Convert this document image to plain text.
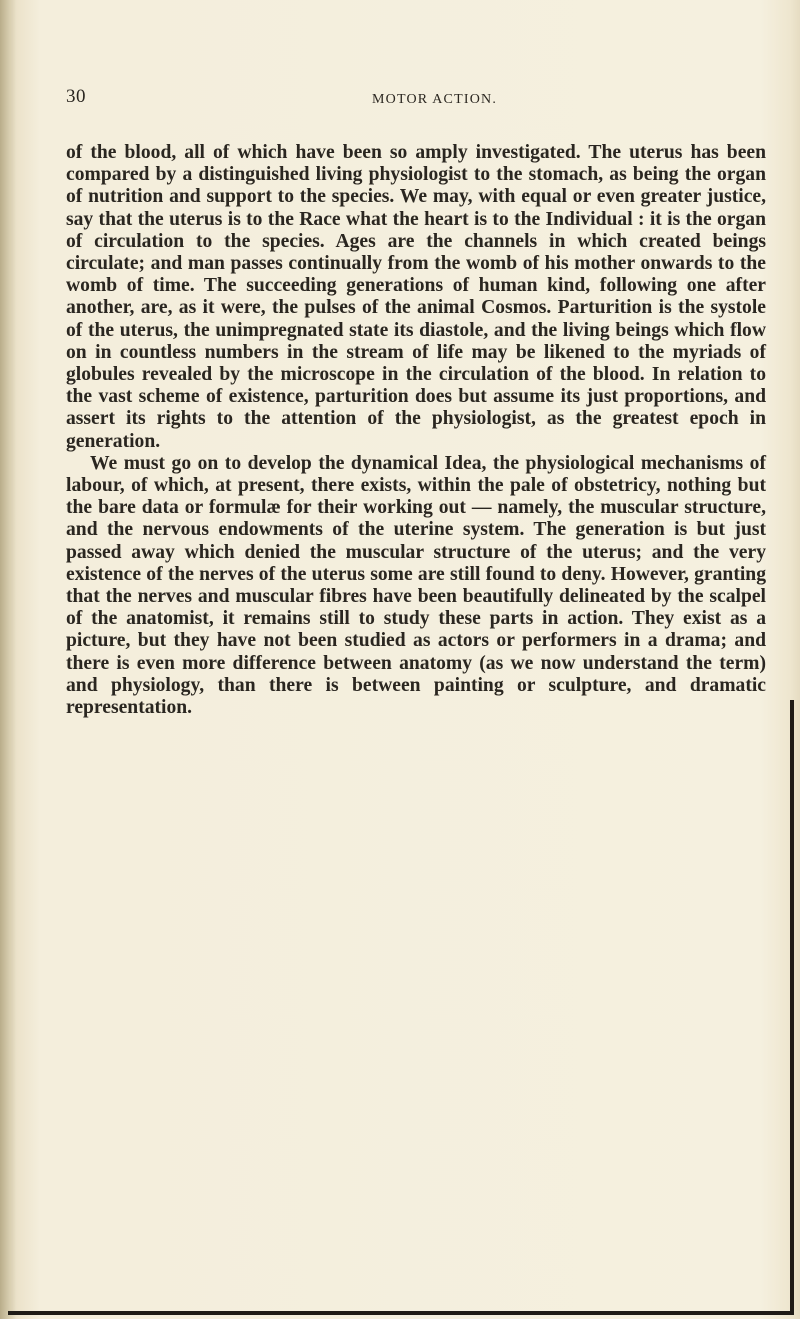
30	MOTOR ACTION.

of the blood, all of which have been so amply investigated. The uterus has been compared by a distinguished living physiologist to the stomach, as being the organ of nutrition and support to the species. We may, with equal or even greater justice, say that the uterus is to the Race what the heart is to the Individual : it is the organ of circulation to the species. Ages are the channels in which created beings circulate; and man passes continually from the womb of his mother onwards to the womb of time. The succeeding generations of human kind, following one after another, are, as it were, the pulses of the animal Cosmos. Parturition is the systole of the uterus, the unimpregnated state its diastole, and the living beings which flow on in countless numbers in the stream of life may be likened to the myriads of globules revealed by the microscope in the circulation of the blood. In relation to the vast scheme of existence, parturition does but assume its just proportions, and assert its rights to the attention of the physiologist, as the greatest epoch in generation.

We must go on to develop the dynamical Idea, the physiological mechanisms of labour, of which, at present, there exists, within the pale of obstetricy, nothing but the bare data or formulæ for their working out — namely, the muscular structure, and the nervous endowments of the uterine system. The generation is but just passed away which denied the muscular structure of the uterus; and the very existence of the nerves of the uterus some are still found to deny. However, granting that the nerves and muscular fibres have been beautifully delineated by the scalpel of the anatomist, it remains still to study these parts in action. They exist as a picture, but they have not been studied as actors or performers in a drama; and there is even more difference between anatomy (as we now understand the term) and physiology, than there is between painting or sculpture, and dramatic representation.
